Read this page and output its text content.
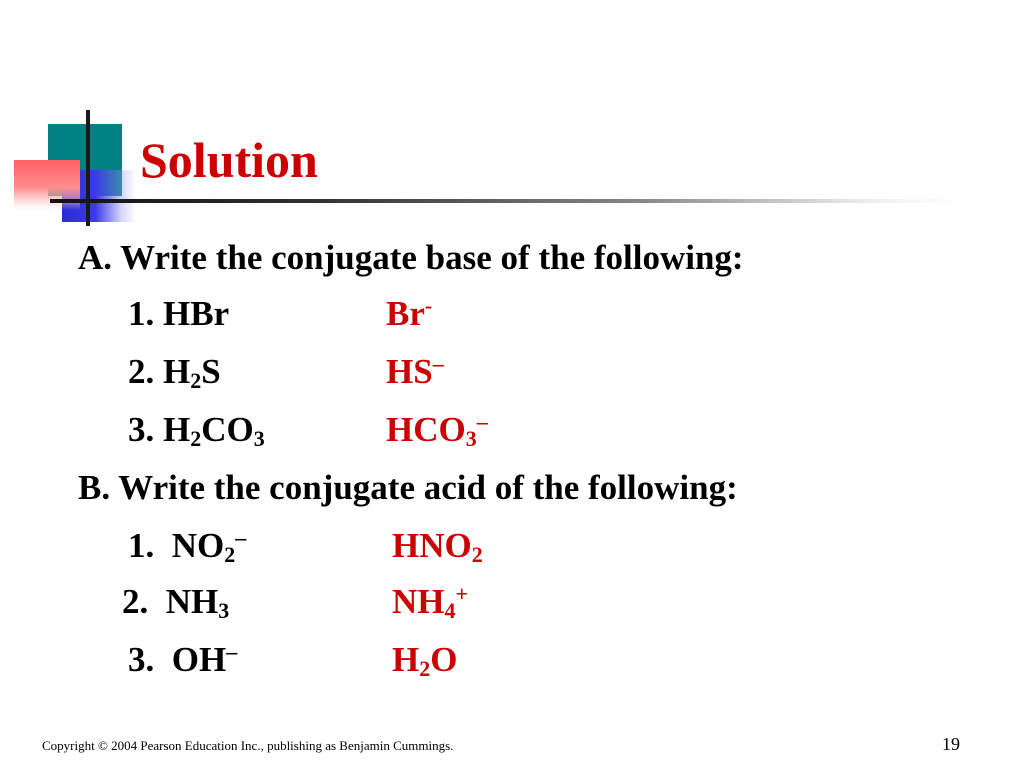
Solution
A. Write the conjugate base of the following:
1. HBr	Br-
2. $H_2S$	HS–
3. $H_2CO_3$	$HCO_3^-$
B. Write the conjugate acid of the following:
1. $NO_2^-$	$HNO_2$
2. $NH_3$	$NH_4^+$
3. OH–	$H_2O$
Copyright © 2004 Pearson Education Inc., publishing as Benjamin Cummings.	19
